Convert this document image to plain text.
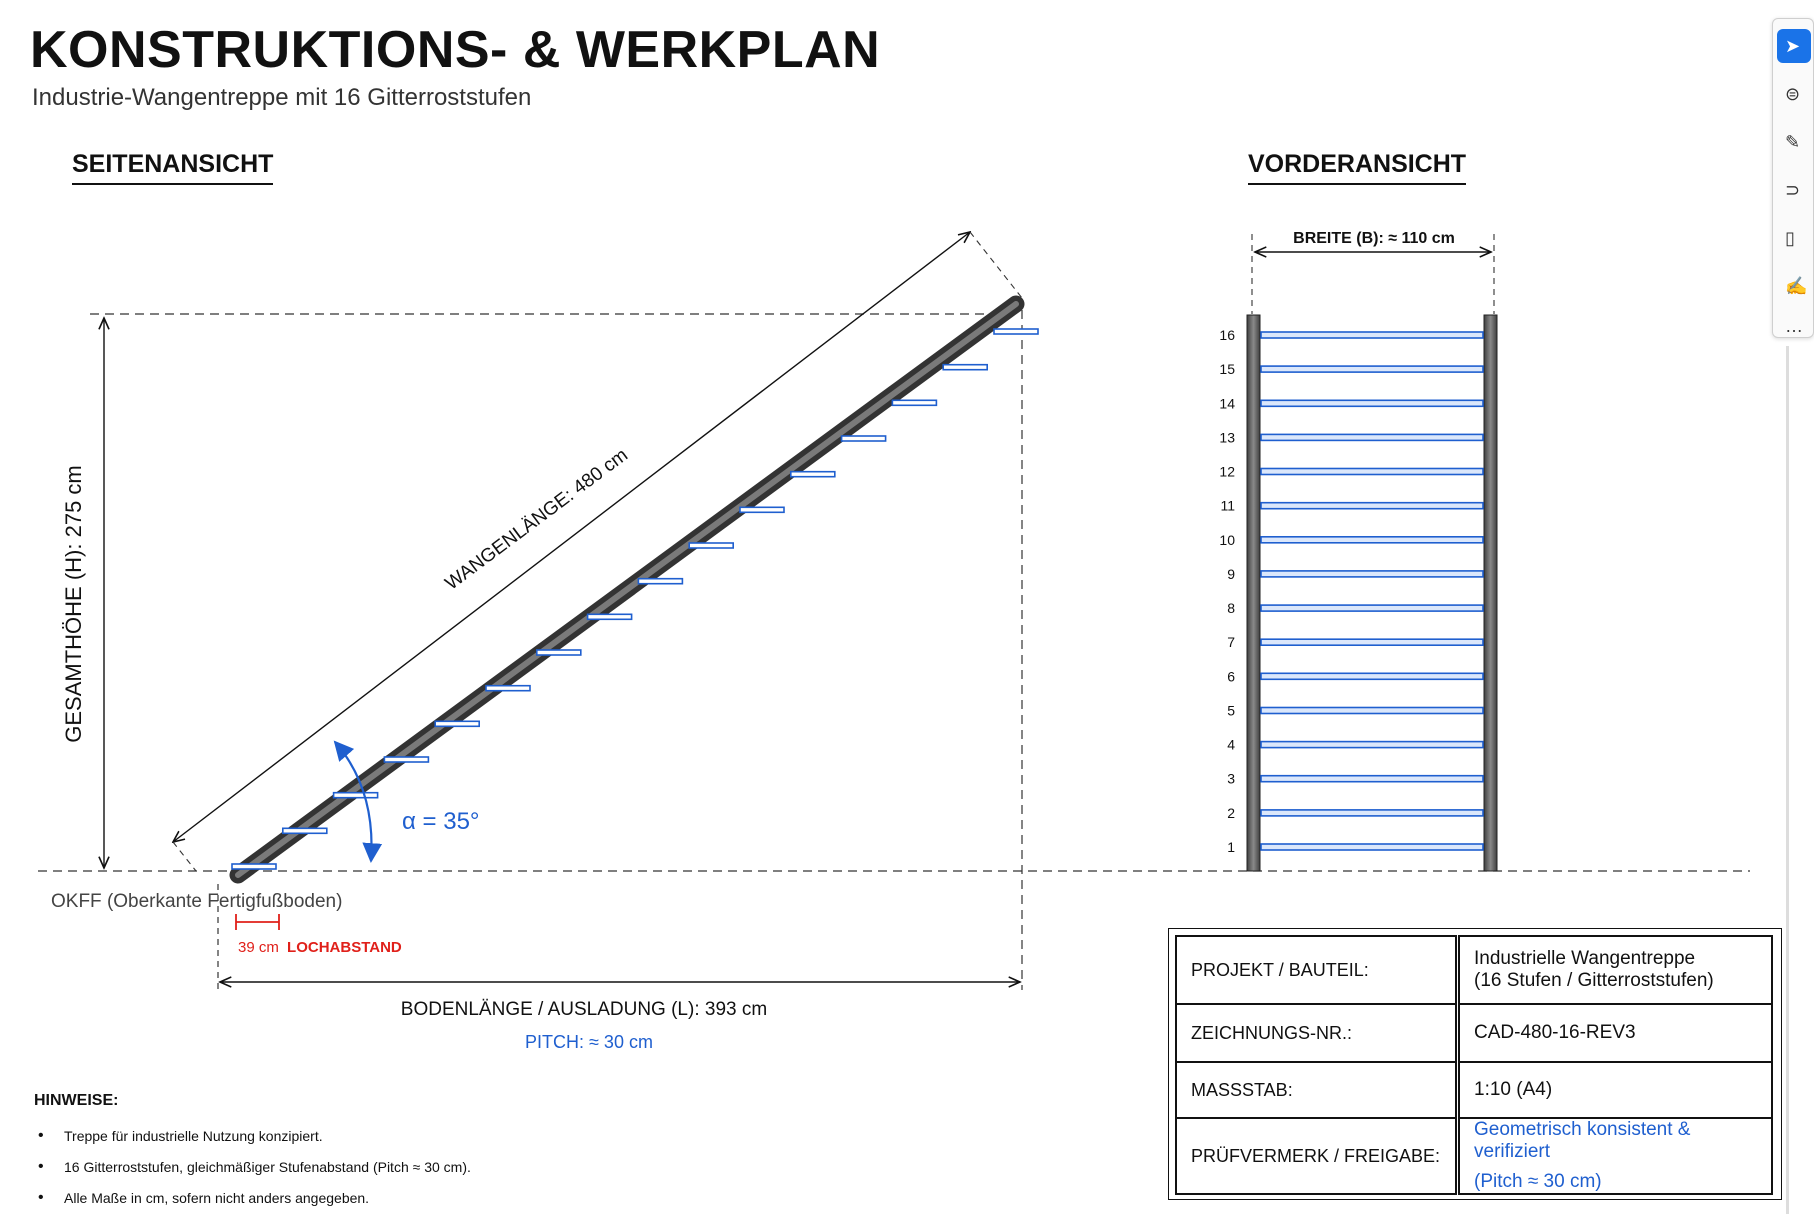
KONSTRUKTIONS- & WERKPLAN
Industrie-Wangentreppe mit 16 Gitterroststufen
SEITENANSICHT	VORDERANSICHT
GESAMTHÖHE (H): 275 cm	WANGENLÄNGE: 480 cm
α = 35°
OKFF (Oberkante Fertigfußboden)
39 cm LOCHABSTAND
BODENLÄNGE / AUSLADUNG (L): 393 cm
PITCH: ≈ 30 cm
BREITE (B): ≈ 110 cm
1
2
3
4
5
6
7
8
9
10
11
12
13
14
15
16
HINWEISE:
• Treppe für industrielle Nutzung konzipiert.
• 16 Gitterroststufen, gleichmäßiger Stufenabstand (Pitch ≈ 30 cm).
• Alle Maße in cm, sofern nicht anders angegeben.
PROJEKT / BAUTEIL:	Industrielle Wangentreppe
(16 Stufen / Gitterroststufen)

ZEICHNUNGS-NR.:	CAD-480-16-REV3
MASSSTAB:	1:10 (A4)
PRÜFVERMERK / FREIGABE:	Geometrisch konsistent & verifiziert
(Pitch ≈ 30 cm)
➤
⊜
✎
⊃
▯
✍
…
